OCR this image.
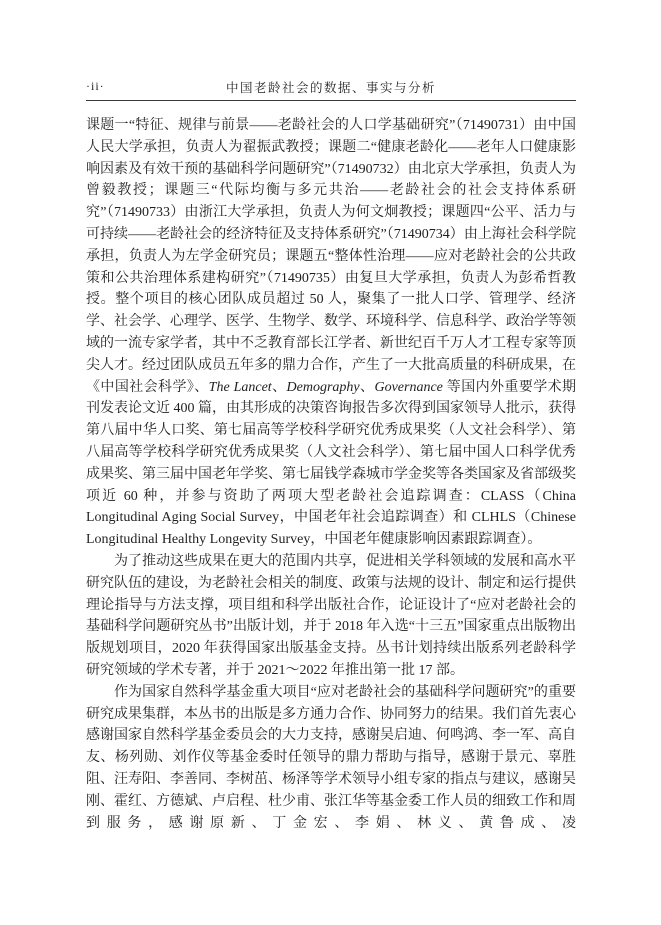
·ii·	中国老龄社会的数据、事实与分析

课题一“特征、规律与前景——老龄社会的人口学基础研究”（71490731）由中国人民大学承担，负责人为翟振武教授；课题二“健康老龄化——老年人口健康影响因素及有效干预的基础科学问题研究”（71490732）由北京大学承担，负责人为曾毅教授；课题三“代际均衡与多元共治——老龄社会的社会支持体系研究”（71490733）由浙江大学承担，负责人为何文炯教授；课题四“公平、活力与可持续——老龄社会的经济特征及支持体系研究”（71490734）由上海社会科学院承担，负责人为左学金研究员；课题五“整体性治理——应对老龄社会的公共政策和公共治理体系建构研究”（71490735）由复旦大学承担，负责人为彭希哲教授。整个项目的核心团队成员超过 50 人，聚集了一批人口学、管理学、经济学、社会学、心理学、医学、生物学、数学、环境科学、信息科学、政治学等领域的一流专家学者，其中不乏教育部长江学者、新世纪百千万人才工程专家等顶尖人才。经过团队成员五年多的鼎力合作，产生了一大批高质量的科研成果，在《中国社会科学》、The Lancet、Demography、Governance 等国内外重要学术期刊发表论文近 400 篇，由其形成的决策咨询报告多次得到国家领导人批示，获得第八届中华人口奖、第七届高等学校科学研究优秀成果奖（人文社会科学）、第八届高等学校科学研究优秀成果奖（人文社会科学）、第七届中国人口科学优秀成果奖、第三届中国老年学奖、第七届钱学森城市学金奖等各类国家及省部级奖项近 60 种，并参与资助了两项大型老龄社会追踪调查：CLASS（China Longitudinal Aging Social Survey，中国老年社会追踪调查）和 CLHLS（Chinese Longitudinal Healthy Longevity Survey，中国老年健康影响因素跟踪调查）。

为了推动这些成果在更大的范围内共享，促进相关学科领域的发展和高水平研究队伍的建设，为老龄社会相关的制度、政策与法规的设计、制定和运行提供理论指导与方法支撑，项目组和科学出版社合作，论证设计了“应对老龄社会的基础科学问题研究丛书”出版计划，并于 2018 年入选“十三五”国家重点出版物出版规划项目，2020 年获得国家出版基金支持。丛书计划持续出版系列老龄科学研究领域的学术专著，并于 2021～2022 年推出第一批 17 部。

作为国家自然科学基金重大项目“应对老龄社会的基础科学问题研究”的重要研究成果集群，本丛书的出版是多方通力合作、协同努力的结果。我们首先衷心感谢国家自然科学基金委员会的大力支持，感谢吴启迪、何鸣鸿、李一军、高自友、杨列勋、刘作仪等基金委时任领导的鼎力帮助与指导，感谢于景元、辜胜阻、汪寿阳、李善同、李树茁、杨泽等学术领导小组专家的指点与建议，感谢吴刚、霍红、方德斌、卢启程、杜少甫、张江华等基金委工作人员的细致工作和周到服务，感谢原新、丁金宏、李娟、林义、黄鲁成、凌
